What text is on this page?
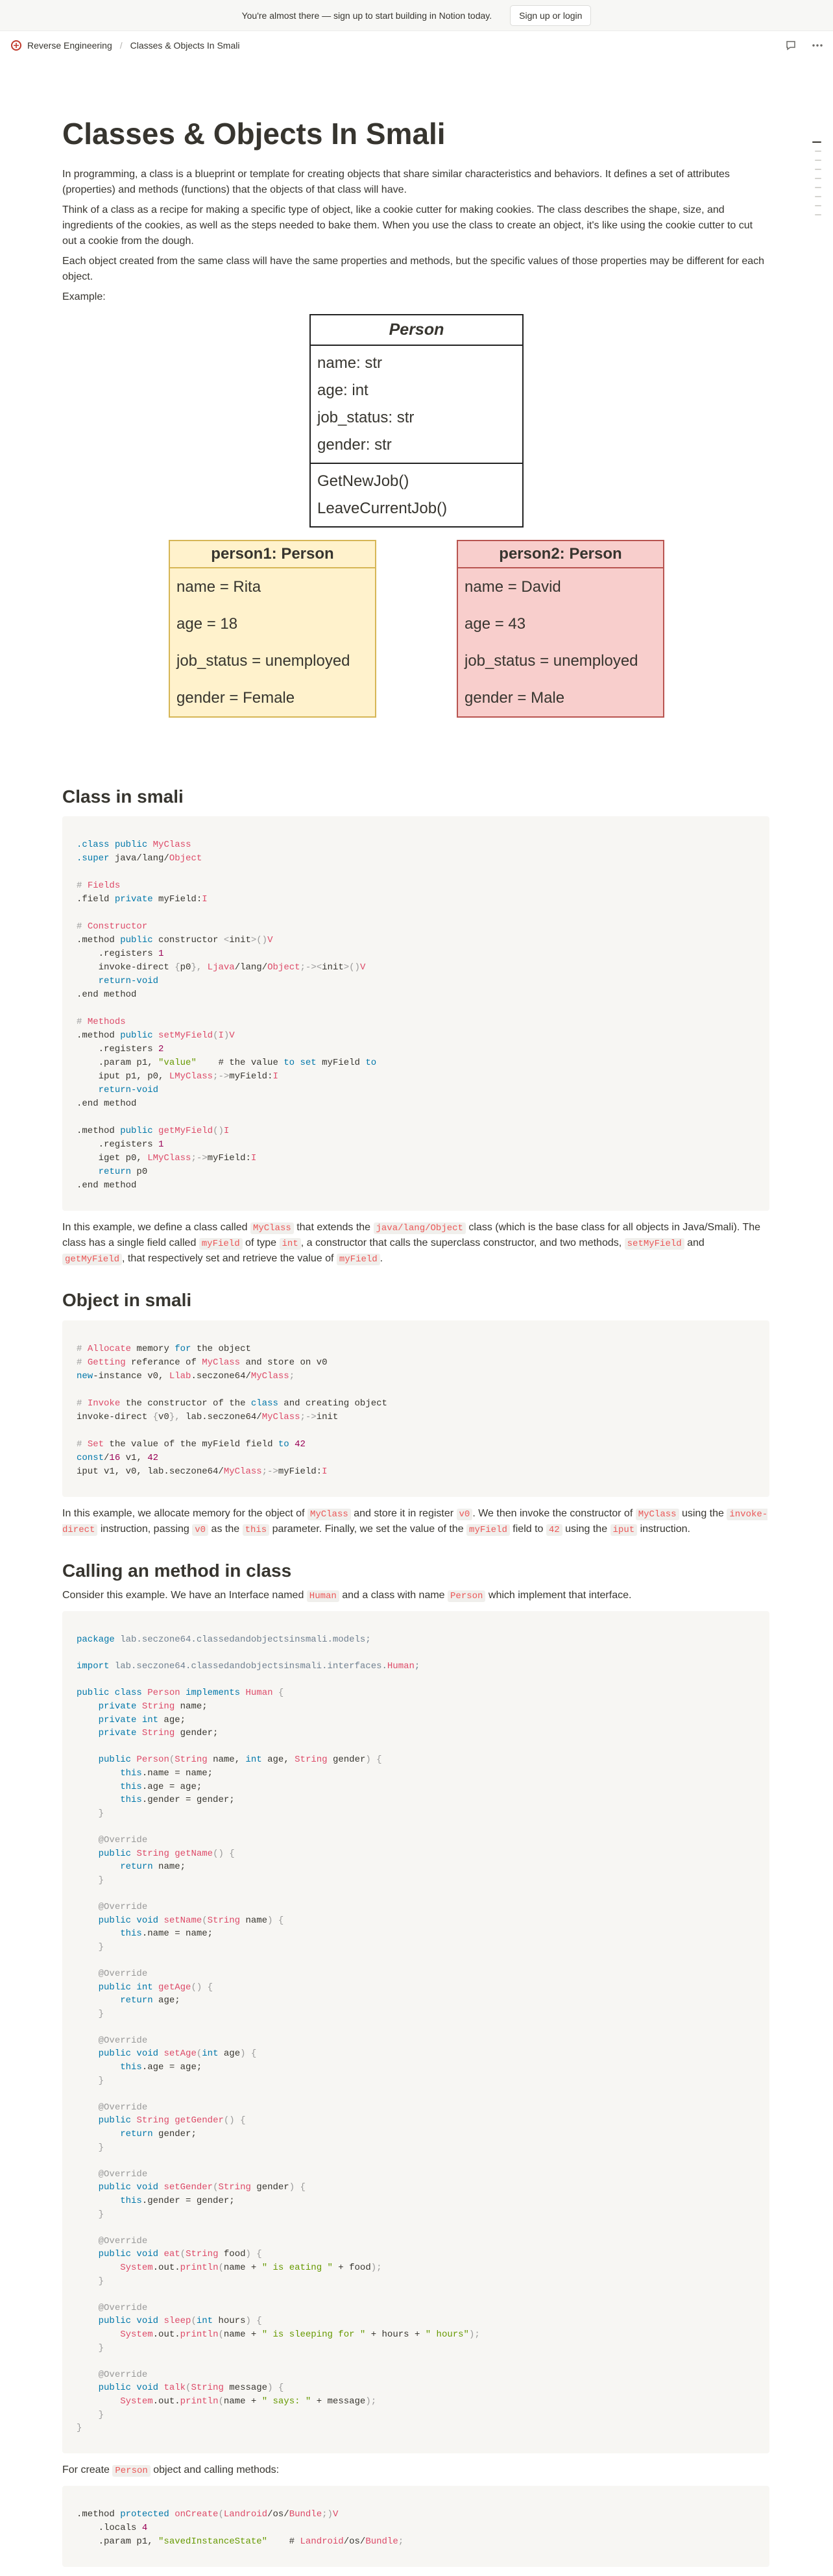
You're almost there — sign up to start building in Notion today.	Sign up or login
Reverse Engineering / Classes & Objects In Smali
Classes & Objects In Smali

In programming, a class is a blueprint or template for creating objects that share similar characteristics and behaviors. It defines a set of attributes (properties) and methods (functions) that the objects of that class will have.

Think of a class as a recipe for making a specific type of object, like a cookie cutter for making cookies. The class describes the shape, size, and ingredients of the cookies, as well as the steps needed to bake them. When you use the class to create an object, it's like using the cookie cutter to cut out a cookie from the dough.

Each object created from the same class will have the same properties and methods, but the specific values of those properties may be different for each object.

Example:

Person
name: str
age: int
job_status: str
gender: str
GetNewJob()
LeaveCurrentJob()
person1: Person
name = Rita
age = 18
job_status = unemployed
gender = Female
person2: Person
name = David
age = 43
job_status = unemployed
gender = Male
Class in smali
.class public MyClass
.super java/lang/Object

# Fields
.field private myField:I

# Constructor
.method public constructor <init>()V
.registers 1
invoke-direct {p0}, Ljava/lang/Object;-><init>()V
return-void
.end method

# Methods
.method public setMyField(I)V
.registers 2
.param p1, "value"    # the value to set myField to
iput p1, p0, LMyClass;->myField:I
return-void
.end method

.method public getMyField()I
.registers 1
iget p0, LMyClass;->myField:I
return p0
.end method

In this example, we define a class called MyClass that extends the java/lang/Object class (which is the base class for all objects in Java/Smali). The class has a single field called myField of type int , a constructor that calls the superclass constructor, and two methods, setMyField and getMyField , that respectively set and retrieve the value of myField .

Object in smali
# Allocate memory for the object
# Getting referance of MyClass and store on v0
new-instance v0, Llab.seczone64/MyClass;

# Invoke the constructor of the class and creating object
invoke-direct {v0}, lab.seczone64/MyClass;->init

# Set the value of the myField field to 42
const/16 v1, 42
iput v1, v0, lab.seczone64/MyClass;->myField:I

In this example, we allocate memory for the object of MyClass and store it in register v0 . We then invoke the constructor of MyClass using the invoke-direct instruction, passing v0 as the this parameter. Finally, we set the value of the myField field to 42 using the iput instruction.

Calling an method in class

Consider this example. We have an Interface named Human and a class with name Person which implement that interface.

package lab.seczone64.classedandobjectsinsmali.models;

import lab.seczone64.classedandobjectsinsmali.interfaces.Human;

public class Person implements Human {
private String name;
private int age;
private String gender;

public Person(String name, int age, String gender) {
this.name = name;
this.age = age;
this.gender = gender;
}

@Override
public String getName() {
return name;
}

@Override
public void setName(String name) {
this.name = name;
}

@Override
public int getAge() {
return age;
}

@Override
public void setAge(int age) {
this.age = age;
}

@Override
public String getGender() {
return gender;
}

@Override
public void setGender(String gender) {
this.gender = gender;
}

@Override
public void eat(String food) {
System.out.println(name + " is eating " + food);
}

@Override
public void sleep(int hours) {
System.out.println(name + " is sleeping for " + hours + " hours");
}

@Override
public void talk(String message) {
System.out.println(name + " says: " + message);
}
}

For create Person object and calling methods:

.method protected onCreate(Landroid/os/Bundle;)V
.locals 4
.param p1, "savedInstanceState"    # Landroid/os/Bundle;
